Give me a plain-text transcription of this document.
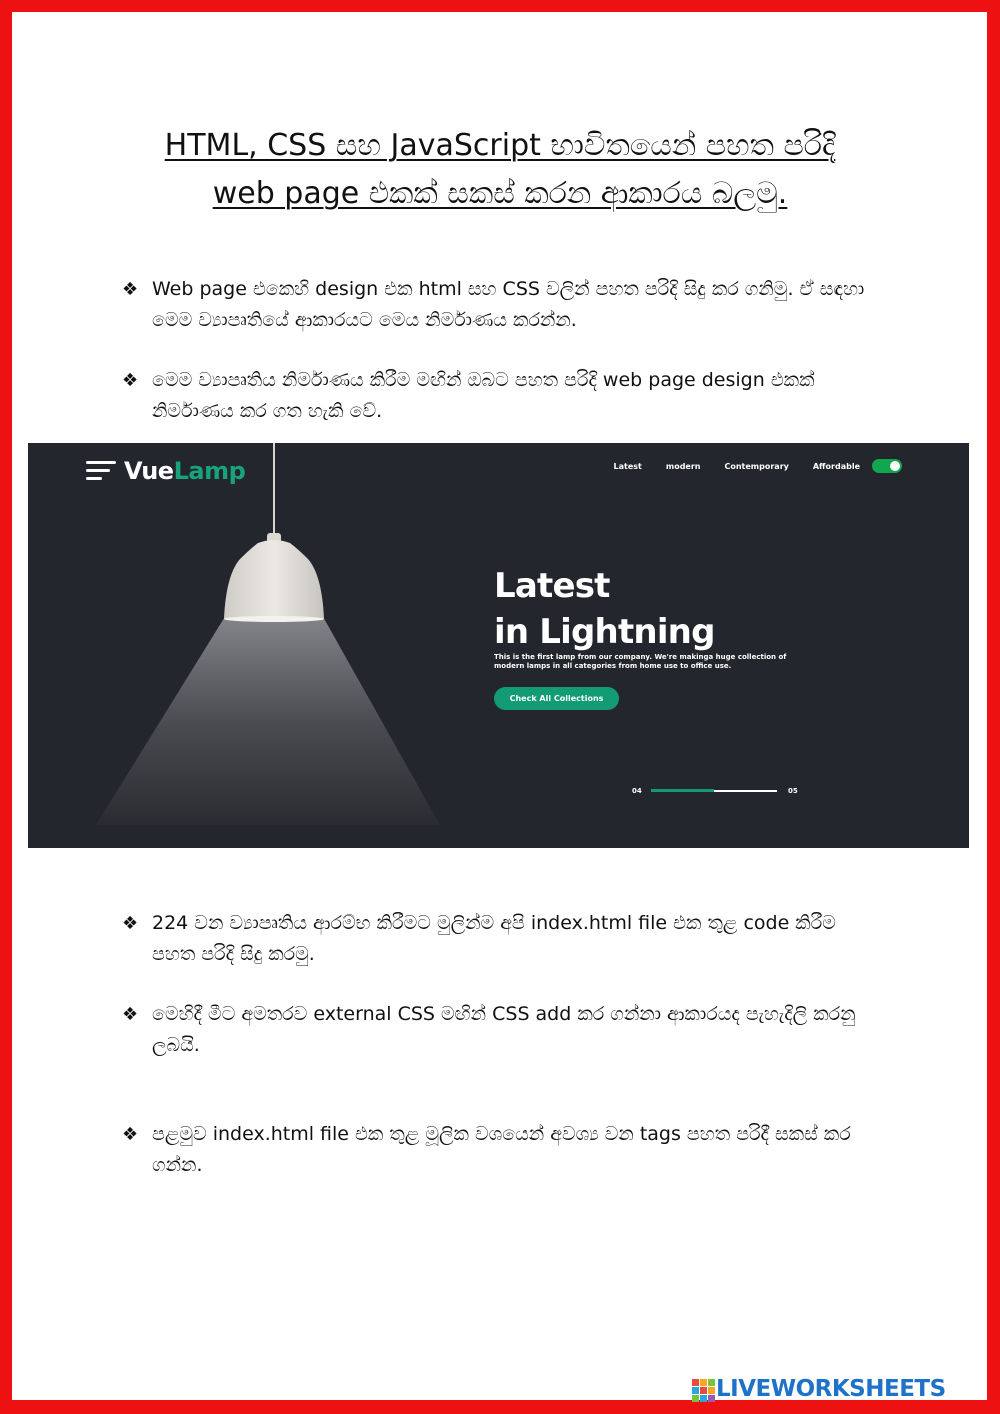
HTML, CSS සහ JavaScript භාවිතයෙන් පහත පරිදි
web page එකක් සකස් කරන ආකාරය බලමු.
❖ Web page එකෙහි design එක html සහ CSS වලින් පහත පරිදි සිදු කර ගනිමු. ඒ සඳහා මෙම ව්‍යාපෘතියේ ආකාරයට මෙය නිර්මාණය කරන්න.
❖ මෙම ව්‍යාපෘතිය නිර්මාණය කිරීම මඟින් ඔබට පහත පරිදි web page design එකක් නිර්මාණය කර ගත හැකි වේ.
VueLamp	Latest	modern	Contemporary	Affordable
Latest
in Lightning
This is the first lamp from our company. We're makinga huge collection of modern lamps in all categories from home use to office use.
Check All Collections
04	05
❖ 224 වන ව්‍යාපෘතිය ආරම්භ කිරීමට මුලින්ම අපි index.html file එක තුළ code කිරීම පහත පරිදි සිදු කරමු.
❖ මෙහිදී මීට අමතරව external CSS මඟින් CSS add කර ගන්නා ආකාරයද පැහැදිලි කරනු ලබයි.
❖ පළමුව index.html file එක තුළ මූලික වශයෙන් අවශ්‍ය වන tags පහත පරිදී සකස් කර ගන්න.
LIVEWORKSHEETS
